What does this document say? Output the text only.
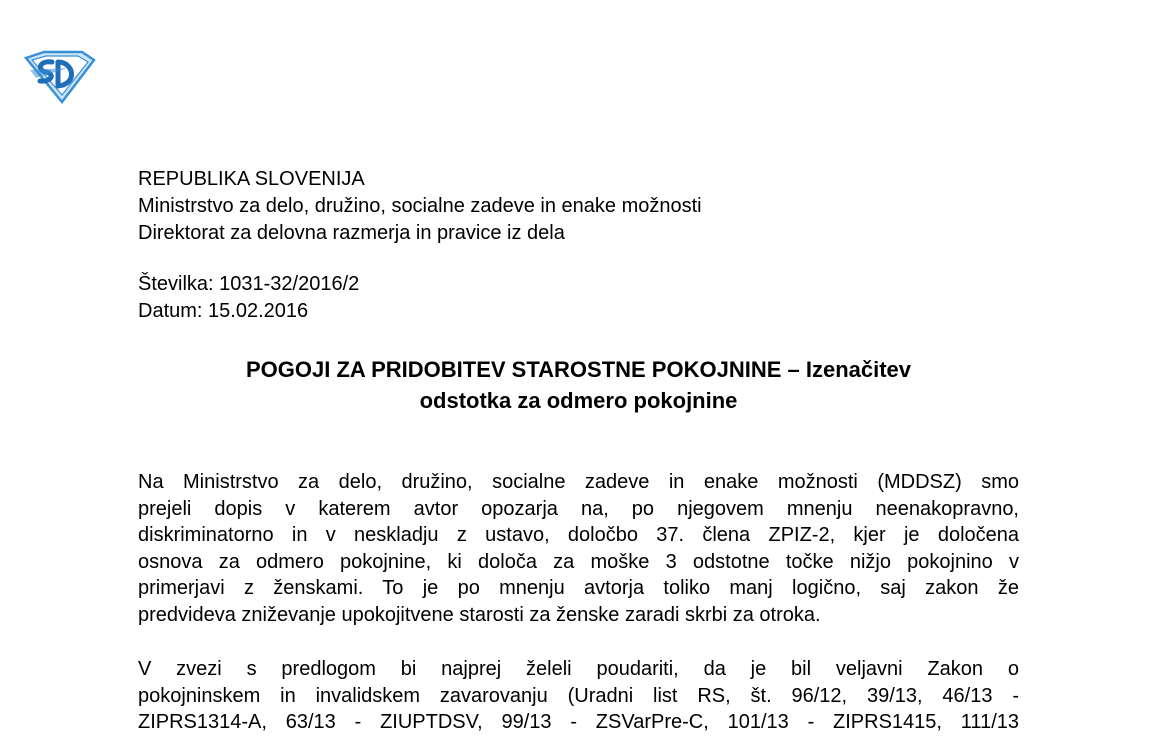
REPUBLIKA SLOVENIJA
Ministrstvo za delo, družino, socialne zadeve in enake možnosti
Direktorat za delovna razmerja in pravice iz dela
Številka: 1031-32/2016/2
Datum: 15.02.2016
POGOJI ZA PRIDOBITEV STAROSTNE POKOJNINE – Izenačitev
odstotka za odmero pokojnine
Na Ministrstvo za delo, družino, socialne zadeve in enake možnosti (MDDSZ) smo
prejeli dopis v katerem avtor opozarja na, po njegovem mnenju neenakopravno,
diskriminatorno in v neskladju z ustavo, določbo 37. člena ZPIZ-2, kjer je določena
osnova za odmero pokojnine, ki določa za moške 3 odstotne točke nižjo pokojnino v
primerjavi z ženskami. To je po mnenju avtorja toliko manj logično, saj zakon že
predvideva zniževanje upokojitvene starosti za ženske zaradi skrbi za otroka.
V zvezi s predlogom bi najprej želeli poudariti, da je bil veljavni Zakon o
pokojninskem in invalidskem zavarovanju (Uradni list RS, št. 96/12, 39/13, 46/13 -
ZIPRS1314-A, 63/13 - ZIUPTDSV, 99/13 - ZSVarPre-C, 101/13 - ZIPRS1415, 111/13
